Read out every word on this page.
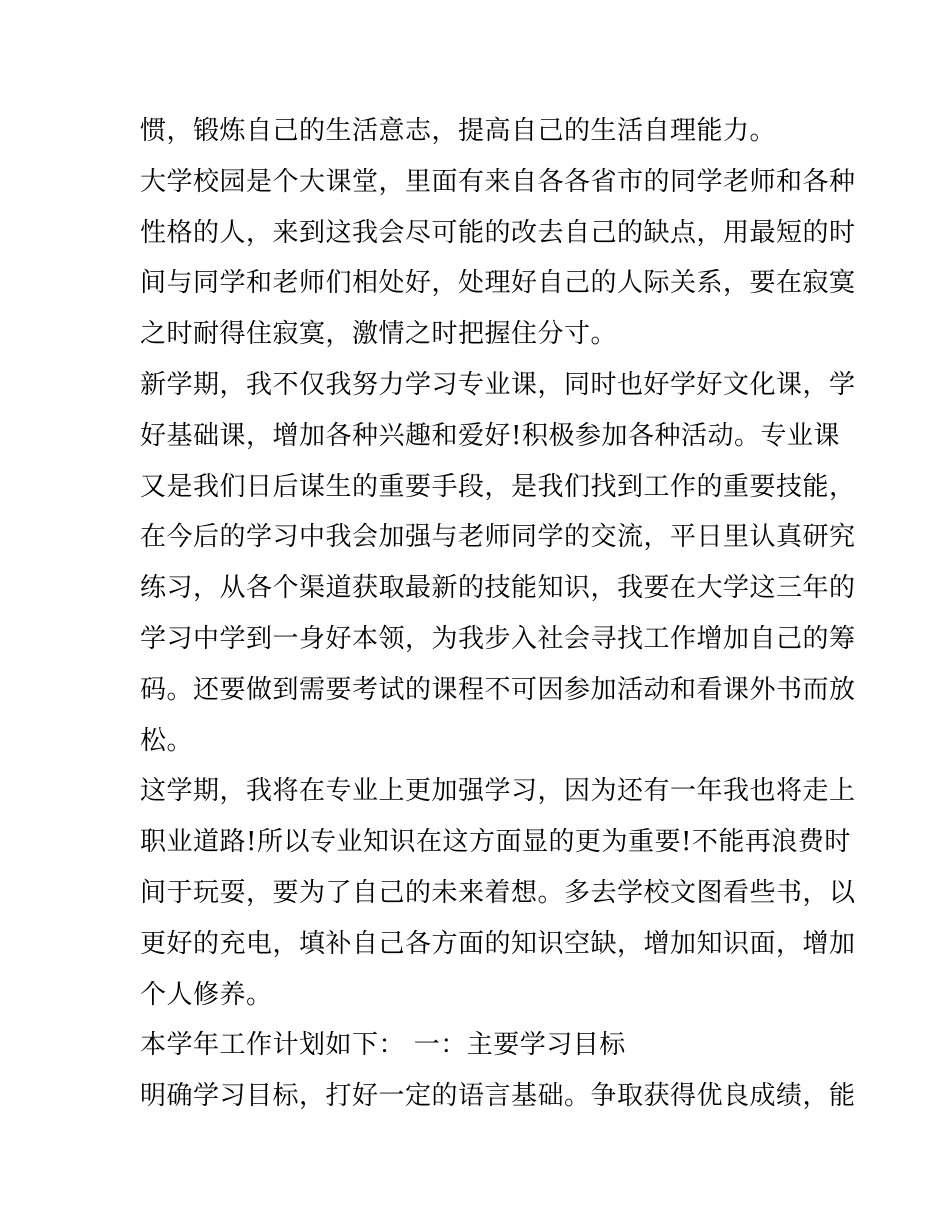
惯，锻炼自己的生活意志，提高自己的生活自理能力。
大学校园是个大课堂，里面有来自各各省市的同学老师和各种
性格的人，来到这我会尽可能的改去自己的缺点，用最短的时
间与同学和老师们相处好，处理好自己的人际关系，要在寂寞
之时耐得住寂寞，激情之时把握住分寸。
新学期，我不仅我努力学习专业课，同时也好学好文化课，学
好基础课，增加各种兴趣和爱好!积极参加各种活动。专业课
又是我们日后谋生的重要手段，是我们找到工作的重要技能，
在今后的学习中我会加强与老师同学的交流，平日里认真研究
练习，从各个渠道获取最新的技能知识，我要在大学这三年的
学习中学到一身好本领，为我步入社会寻找工作增加自己的筹
码。还要做到需要考试的课程不可因参加活动和看课外书而放
松。
这学期，我将在专业上更加强学习，因为还有一年我也将走上
职业道路!所以专业知识在这方面显的更为重要!不能再浪费时
间于玩耍，要为了自己的未来着想。多去学校文图看些书，以
更好的充电，填补自己各方面的知识空缺，增加知识面，增加
个人修养。
本学年工作计划如下： 一：主要学习目标
明确学习目标，打好一定的语言基础。争取获得优良成绩，能
